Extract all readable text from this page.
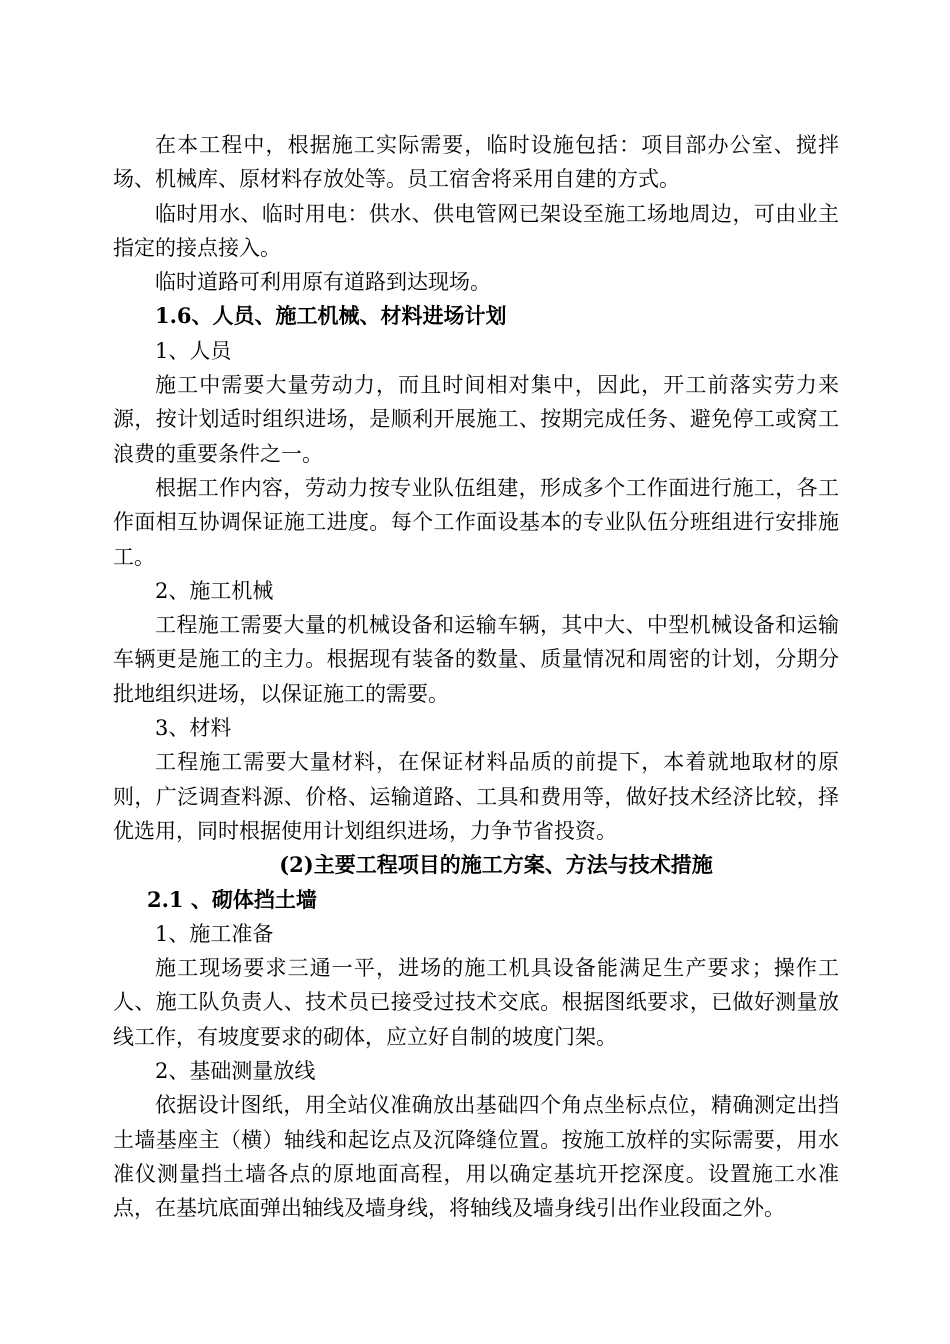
在本工程中，根据施工实际需要，临时设施包括：项目部办公室、搅拌场、机械库、原材料存放处等。员工宿舍将采用自建的方式。

临时用水、临时用电：供水、供电管网已架设至施工场地周边，可由业主指定的接点接入。

临时道路可利用原有道路到达现场。

1.6、人员、施工机械、材料进场计划

1、人员

施工中需要大量劳动力，而且时间相对集中，因此，开工前落实劳力来源，按计划适时组织进场，是顺利开展施工、按期完成任务、避免停工或窝工浪费的重要条件之一。

根据工作内容，劳动力按专业队伍组建，形成多个工作面进行施工，各工作面相互协调保证施工进度。每个工作面设基本的专业队伍分班组进行安排施工。

2、施工机械

工程施工需要大量的机械设备和运输车辆，其中大、中型机械设备和运输车辆更是施工的主力。根据现有装备的数量、质量情况和周密的计划，分期分批地组织进场，以保证施工的需要。

3、材料

工程施工需要大量材料，在保证材料品质的前提下，本着就地取材的原则，广泛调查料源、价格、运输道路、工具和费用等，做好技术经济比较，择优选用，同时根据使用计划组织进场，力争节省投资。

(2)主要工程项目的施工方案、方法与技术措施

2.1 、砌体挡土墙

1、施工准备

施工现场要求三通一平，进场的施工机具设备能满足生产要求；操作工人、施工队负责人、技术员已接受过技术交底。根据图纸要求，已做好测量放线工作，有坡度要求的砌体，应立好自制的坡度门架。

2、基础测量放线

依据设计图纸，用全站仪准确放出基础四个角点坐标点位，精确测定出挡土墙基座主（横）轴线和起讫点及沉降缝位置。按施工放样的实际需要，用水准仪测量挡土墙各点的原地面高程，用以确定基坑开挖深度。设置施工水准点，在基坑底面弹出轴线及墙身线，将轴线及墙身线引出作业段面之外。
